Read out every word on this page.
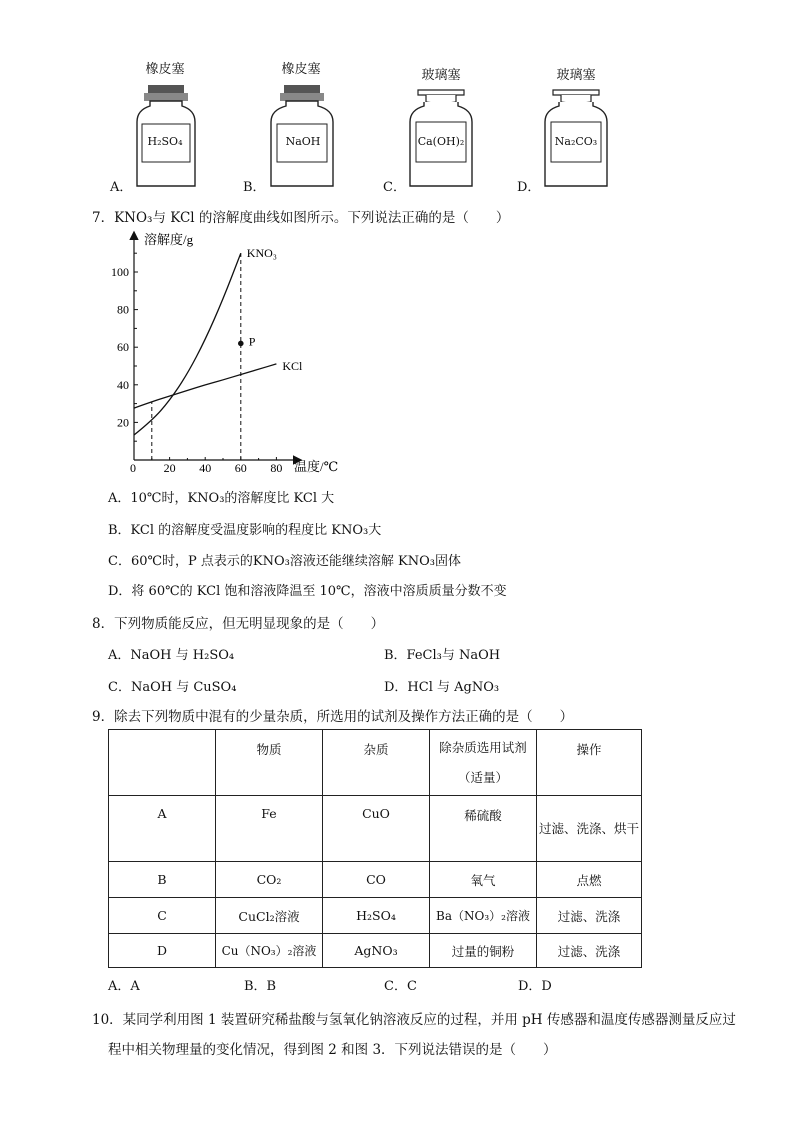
橡皮塞
H₂SO₄
A．
橡皮塞
NaOH
B．
玻璃塞
Ca(OH)₂
C．
玻璃塞
Na₂CO₃
D．
7．KNO₃与 KCl 的溶解度曲线如图所示。下列说法正确的是（　　）
溶解度/g
温度/℃
0 20 40 60 80
20
40
60
80
100
KNO₃
KCl
P
A．10℃时，KNO₃的溶解度比 KCl 大
B．KCl 的溶解度受温度影响的程度比 KNO₃大
C．60℃时，P 点表示的KNO₃溶液还能继续溶解 KNO₃固体
D．将 60℃的 KCl 饱和溶液降温至 10℃，溶液中溶质质量分数不变
8．下列物质能反应，但无明显现象的是（　　）
A．NaOH 与 H₂SO₄	B．FeCl₃与 NaOH
C．NaOH 与 CuSO₄	D．HCl 与 AgNO₃
9．除去下列物质中混有的少量杂质，所选用的试剂及操作方法正确的是（　　）
	物质	杂质	除杂质选用试剂（适量）	操作
A	Fe	CuO	稀硫酸	过滤、洗涤、烘干
B	CO₂	CO	氧气	点燃
C	CuCl₂溶液	H₂SO₄	Ba（NO₃）₂溶液	过滤、洗涤
D	Cu（NO₃）₂溶液	AgNO₃	过量的铜粉	过滤、洗涤
A．A	B．B	C．C	D．D
10．某同学利用图 1 装置研究稀盐酸与氢氧化钠溶液反应的过程，并用 pH 传感器和温度传感器测量反应过
程中相关物理量的变化情况，得到图 2 和图 3．下列说法错误的是（　　）
